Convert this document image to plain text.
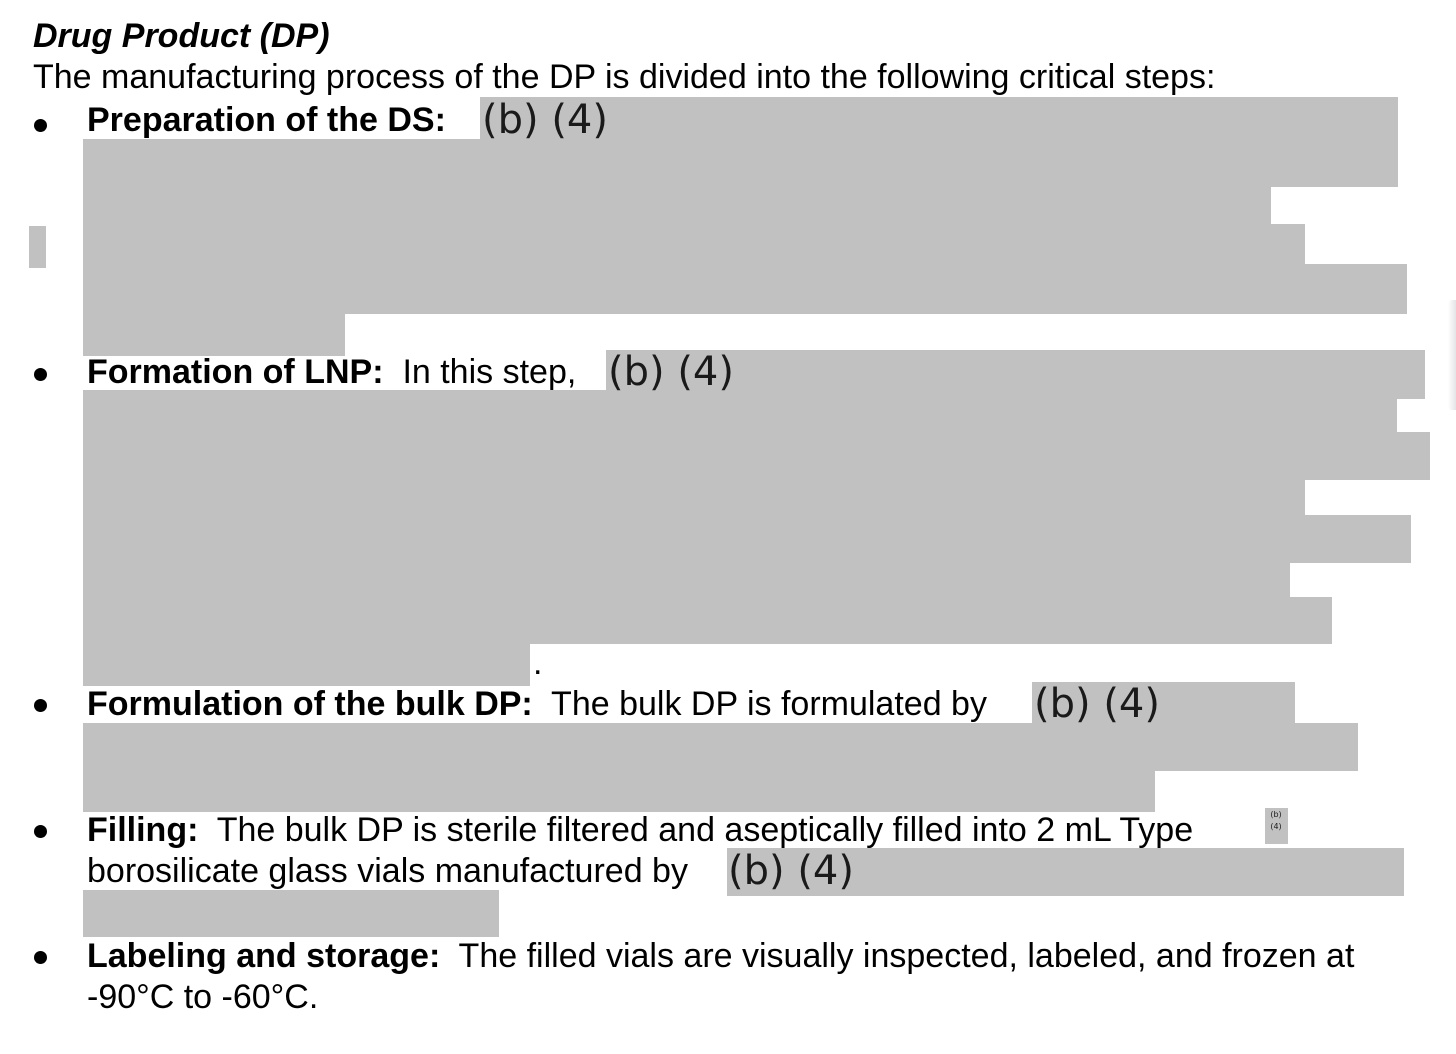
Drug Product (DP)
The manufacturing process of the DP is divided into the following critical steps:
Preparation of the DS: (b) (4)
Formation of LNP: In this step, (b) (4)
.
Formulation of the bulk DP: The bulk DP is formulated by (b) (4)
Filling: The bulk DP is sterile filtered and aseptically filled into 2 mL Type	(b)
(4)
borosilicate glass vials manufactured by (b) (4)
Labeling and storage: The filled vials are visually inspected, labeled, and frozen at
-90°C to -60°C.
